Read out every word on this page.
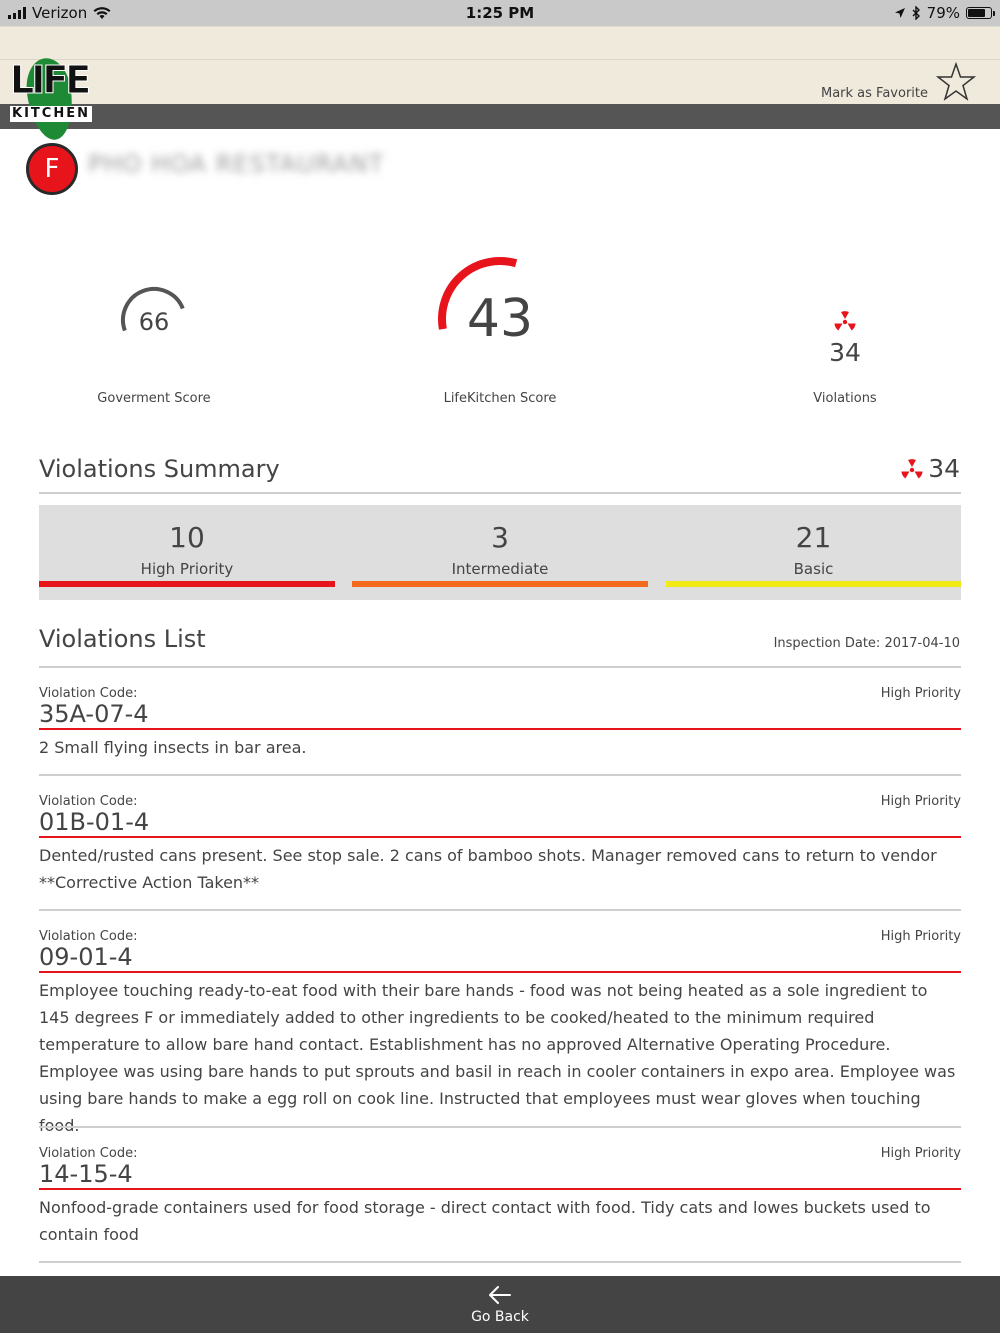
Verizon	1:25 PM	79%
LIFE
KITCHEN
Mark as Favorite
F	PHO HOA RESTAURANT
66
Goverment Score
43
LifeKitchen Score
34
Violations
Violations Summary	34
10
High Priority
3
Intermediate
21
Basic
Violations List	Inspection Date: 2017-04-10
Violation Code:	High Priority
35A-07-4
2 Small flying insects in bar area.
Violation Code:	High Priority
01B-01-4
Dented/rusted cans present. See stop sale. 2 cans of bamboo shots. Manager removed cans to return to vendor **Corrective Action Taken**
Violation Code:	High Priority
09-01-4
Employee touching ready-to-eat food with their bare hands - food was not being heated as a sole ingredient to 145 degrees F or immediately added to other ingredients to be cooked/heated to the minimum required temperature to allow bare hand contact. Establishment has no approved Alternative Operating Procedure. Employee was using bare hands to put sprouts and basil in reach in cooler containers in expo area. Employee was using bare hands to make a egg roll on cook line. Instructed that employees must wear gloves when touching
Violation Code:	High Priority
14-15-4
Nonfood-grade containers used for food storage - direct contact with food. Tidy cats and lowes buckets used to contain food
Go Back
